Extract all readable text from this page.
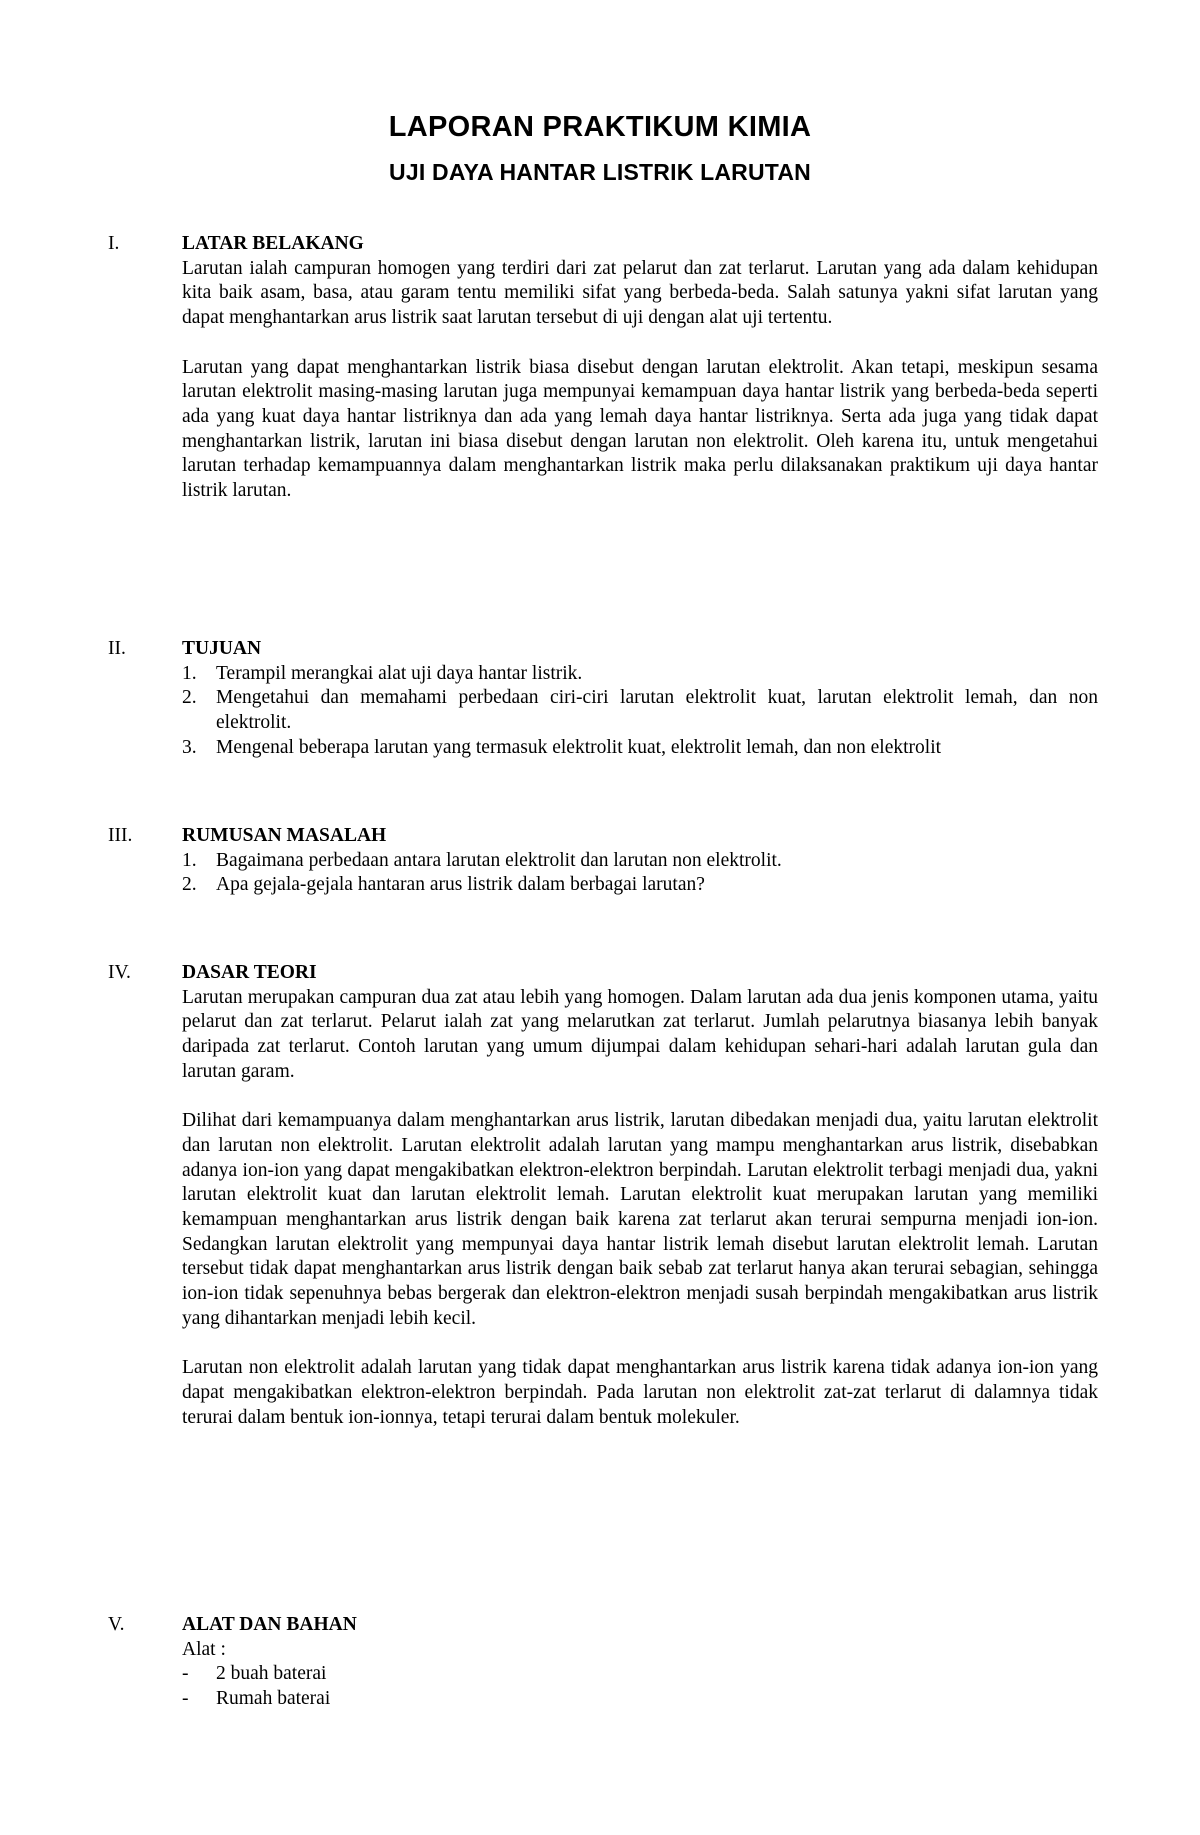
LAPORAN PRAKTIKUM KIMIA
UJI DAYA HANTAR LISTRIK LARUTAN
I.	LATAR BELAKANG

Larutan ialah campuran homogen yang terdiri dari zat pelarut dan zat terlarut. Larutan yang ada dalam kehidupan kita baik asam, basa, atau garam tentu memiliki sifat yang berbeda-beda. Salah satunya yakni sifat larutan yang dapat menghantarkan arus listrik saat larutan tersebut di uji dengan alat uji tertentu.

Larutan yang dapat menghantarkan listrik biasa disebut dengan larutan elektrolit. Akan tetapi, meskipun sesama larutan elektrolit masing-masing larutan juga mempunyai kemampuan daya hantar listrik yang berbeda-beda seperti ada yang kuat daya hantar listriknya dan ada yang lemah daya hantar listriknya. Serta ada juga yang tidak dapat menghantarkan listrik, larutan ini biasa disebut dengan larutan non elektrolit. Oleh karena itu, untuk mengetahui larutan terhadap kemampuannya dalam menghantarkan listrik maka perlu dilaksanakan praktikum uji daya hantar listrik larutan.

II.	TUJUAN
1. Terampil merangkai alat uji daya hantar listrik.
2. Mengetahui dan memahami perbedaan ciri-ciri larutan elektrolit kuat, larutan elektrolit lemah, dan non elektrolit.
3. Mengenal beberapa larutan yang termasuk elektrolit kuat, elektrolit lemah, dan non elektrolit
III.	RUMUSAN MASALAH
1. Bagaimana perbedaan antara larutan elektrolit dan larutan non elektrolit.
2. Apa gejala-gejala hantaran arus listrik dalam berbagai larutan?
IV.	DASAR TEORI

Larutan merupakan campuran dua zat atau lebih yang homogen. Dalam larutan ada dua jenis komponen utama, yaitu pelarut dan zat terlarut. Pelarut ialah zat yang melarutkan zat terlarut. Jumlah pelarutnya biasanya lebih banyak daripada zat terlarut. Contoh larutan yang umum dijumpai dalam kehidupan sehari-hari adalah larutan gula dan larutan garam.

Dilihat dari kemampuanya dalam menghantarkan arus listrik, larutan dibedakan menjadi dua, yaitu larutan elektrolit dan larutan non elektrolit. Larutan elektrolit adalah larutan yang mampu menghantarkan arus listrik, disebabkan adanya ion-ion yang dapat mengakibatkan elektron-elektron berpindah. Larutan elektrolit terbagi menjadi dua, yakni larutan elektrolit kuat dan larutan elektrolit lemah. Larutan elektrolit kuat merupakan larutan yang memiliki kemampuan menghantarkan arus listrik dengan baik karena zat terlarut akan terurai sempurna menjadi ion-ion. Sedangkan larutan elektrolit yang mempunyai daya hantar listrik lemah disebut larutan elektrolit lemah. Larutan tersebut tidak dapat menghantarkan arus listrik dengan baik sebab zat terlarut hanya akan terurai sebagian, sehingga ion-ion tidak sepenuhnya bebas bergerak dan elektron-elektron menjadi susah berpindah mengakibatkan arus listrik yang dihantarkan menjadi lebih kecil.

Larutan non elektrolit adalah larutan yang tidak dapat menghantarkan arus listrik karena tidak adanya ion-ion yang dapat mengakibatkan elektron-elektron berpindah. Pada larutan non elektrolit zat-zat terlarut di dalamnya tidak terurai dalam bentuk ion-ionnya, tetapi terurai dalam bentuk molekuler.

V.	ALAT DAN BAHAN
Alat :
- 2 buah baterai
- Rumah baterai
